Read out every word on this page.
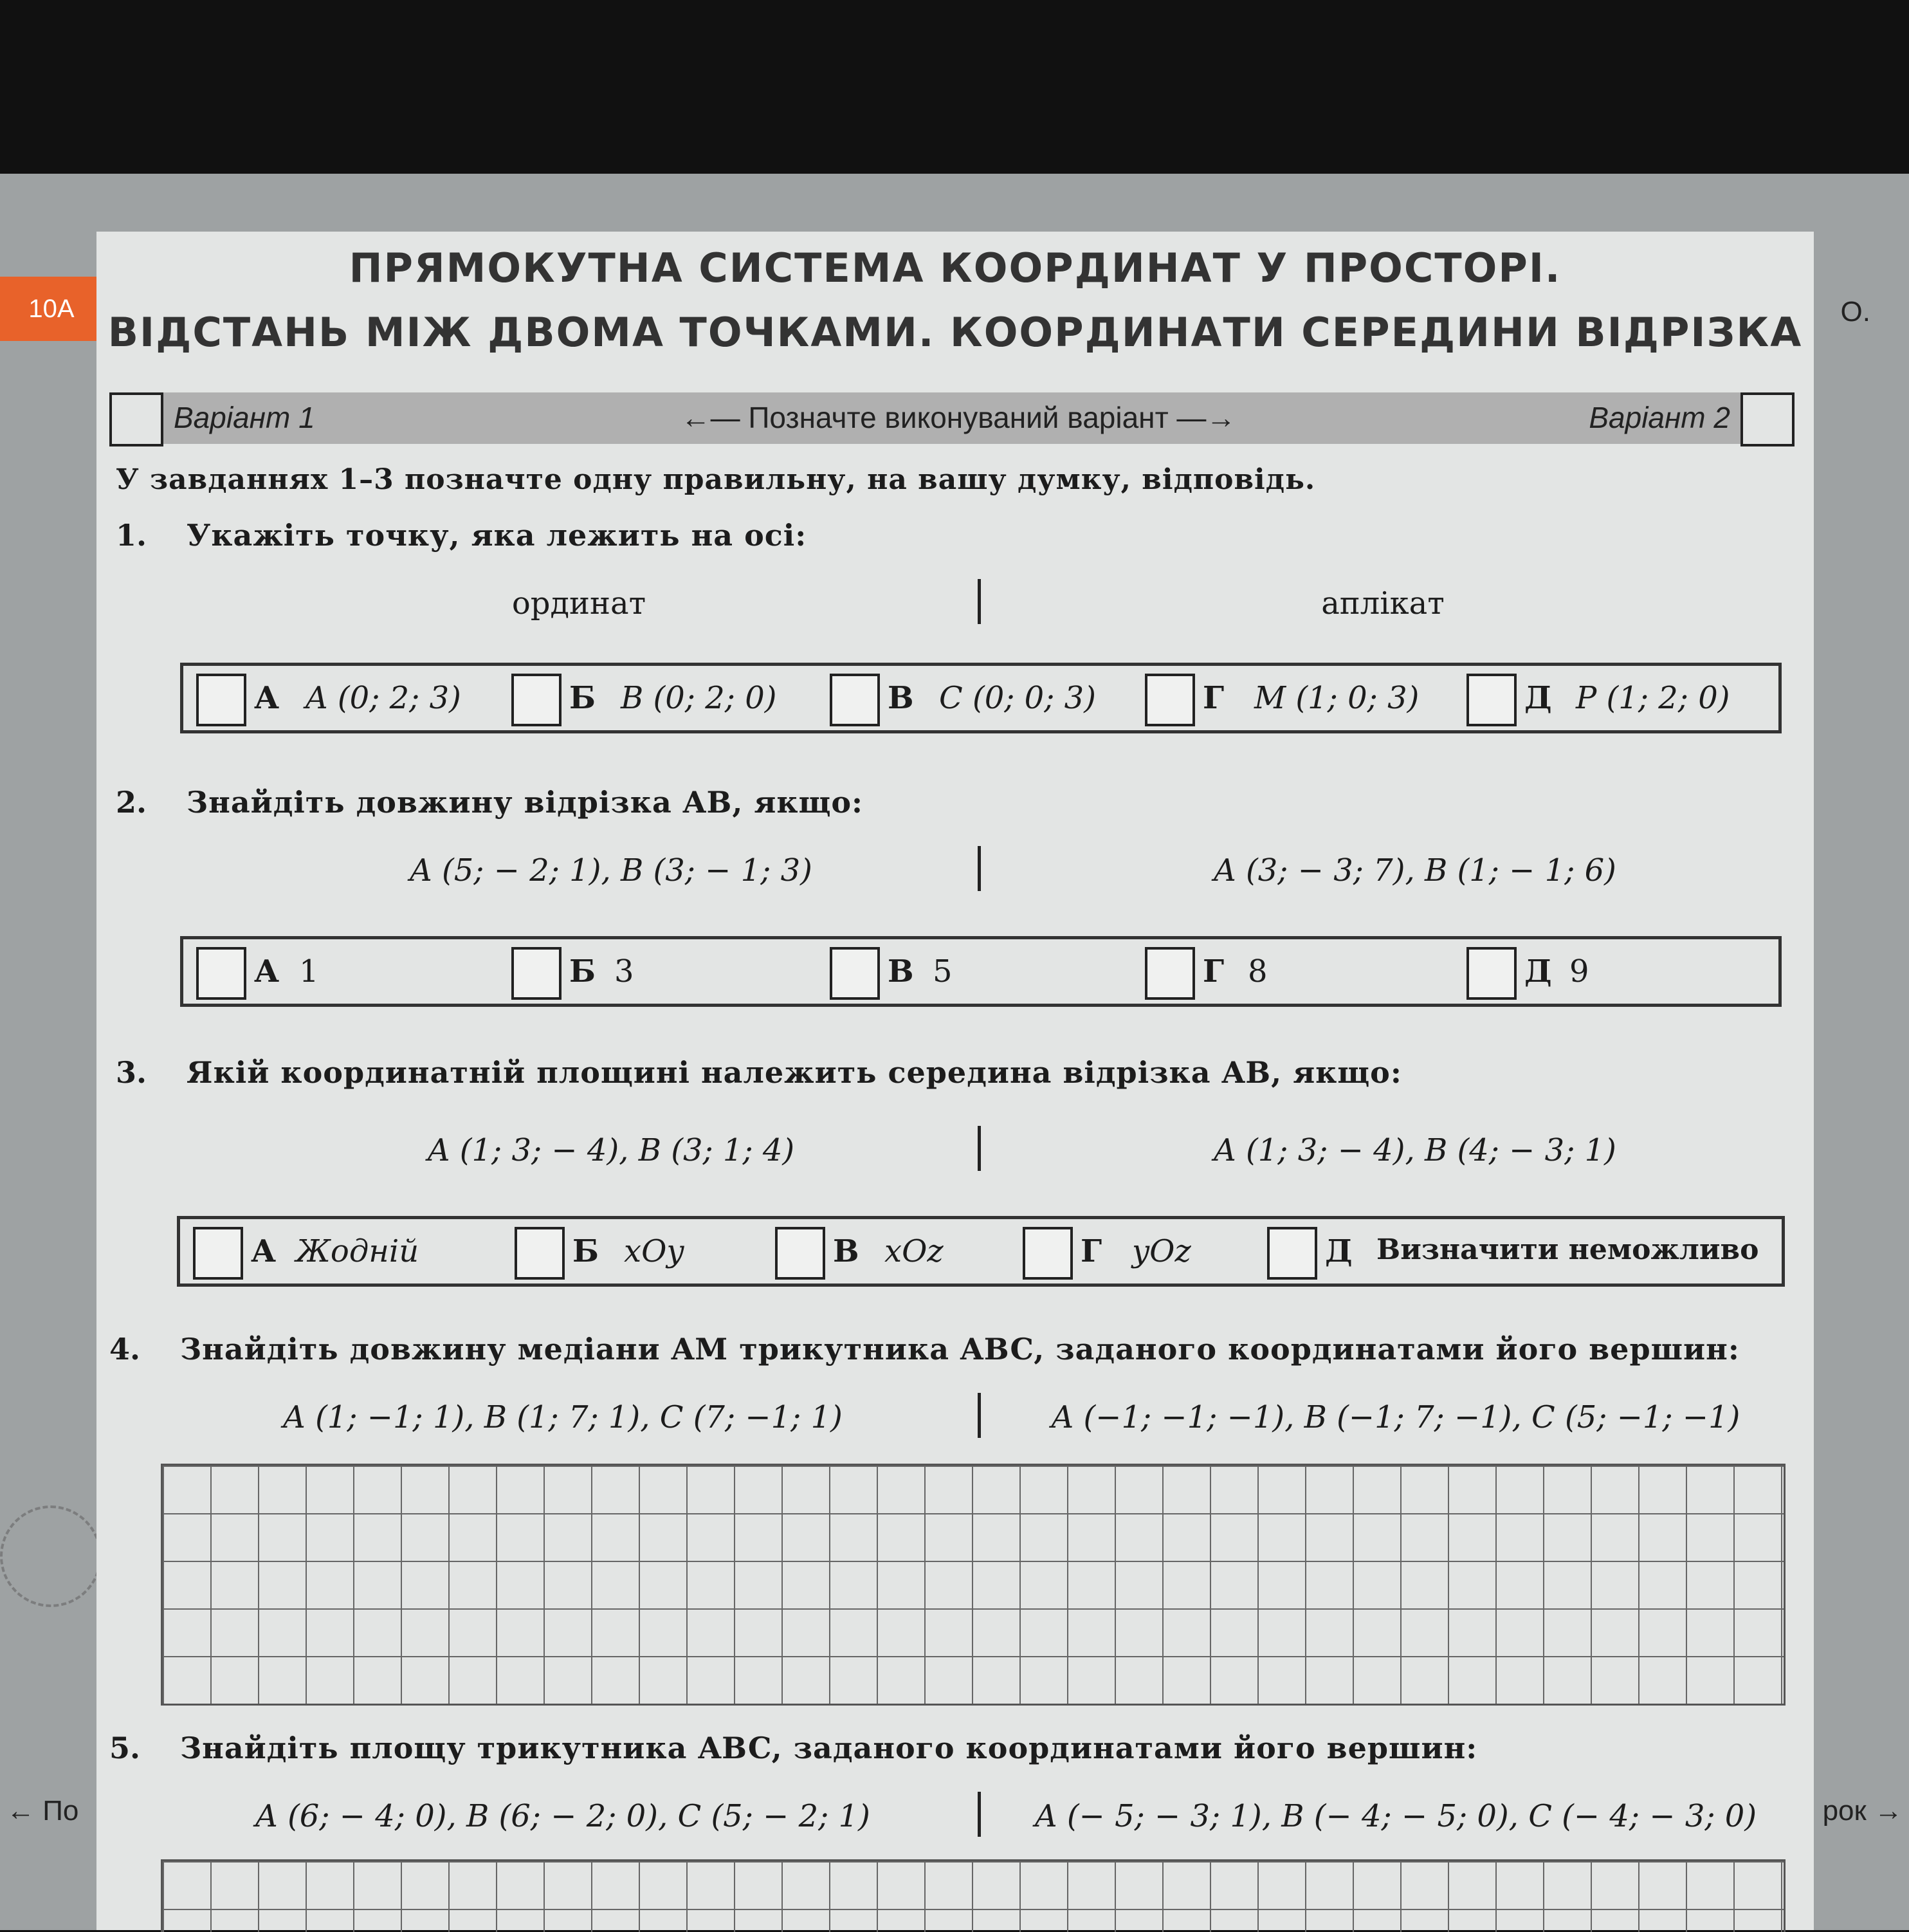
10А	О.
← По	рок →
ПРЯМОКУТНА СИСТЕМА КООРДИНАТ У ПРОСТОРІ.
ВІДСТАНЬ МІЖ ДВОМА ТОЧКАМИ. КООРДИНАТИ СЕРЕДИНИ ВІДРІЗКА
Варіант 1	←— Позначте виконуваний варіант —→	Варіант 2
У завданнях 1–3 позначте одну правильну, на вашу думку, відповідь.
1. Укажіть точку, яка лежить на осі:
ординат	аплікат
А A (0; 2; 3)	Б B (0; 2; 0)	В C (0; 0; 3)	Г M (1; 0; 3)	Д P (1; 2; 0)
2. Знайдіть довжину відрізка AB, якщо:
A (5; − 2; 1), B (3; − 1; 3)	A (3; − 3; 7), B (1; − 1; 6)
А 1	Б 3	В 5	Г 8	Д 9
3. Якій координатній площині належить середина відрізка AB, якщо:
A (1; 3; − 4), B (3; 1; 4)	A (1; 3; − 4), B (4; − 3; 1)
А Жодній	Б xOy	В xOz	Г yOz	Д Визначити неможливо
4. Знайдіть довжину медіани AM трикутника ABC, заданого координатами його вершин:
A (1; −1; 1), B (1; 7; 1), C (7; −1; 1)	A (−1; −1; −1), B (−1; 7; −1), C (5; −1; −1)
5. Знайдіть площу трикутника ABC, заданого координатами його вершин:
A (6; − 4; 0), B (6; − 2; 0), C (5; − 2; 1)	A (− 5; − 3; 1), B (− 4; − 5; 0), C (− 4; − 3; 0)
